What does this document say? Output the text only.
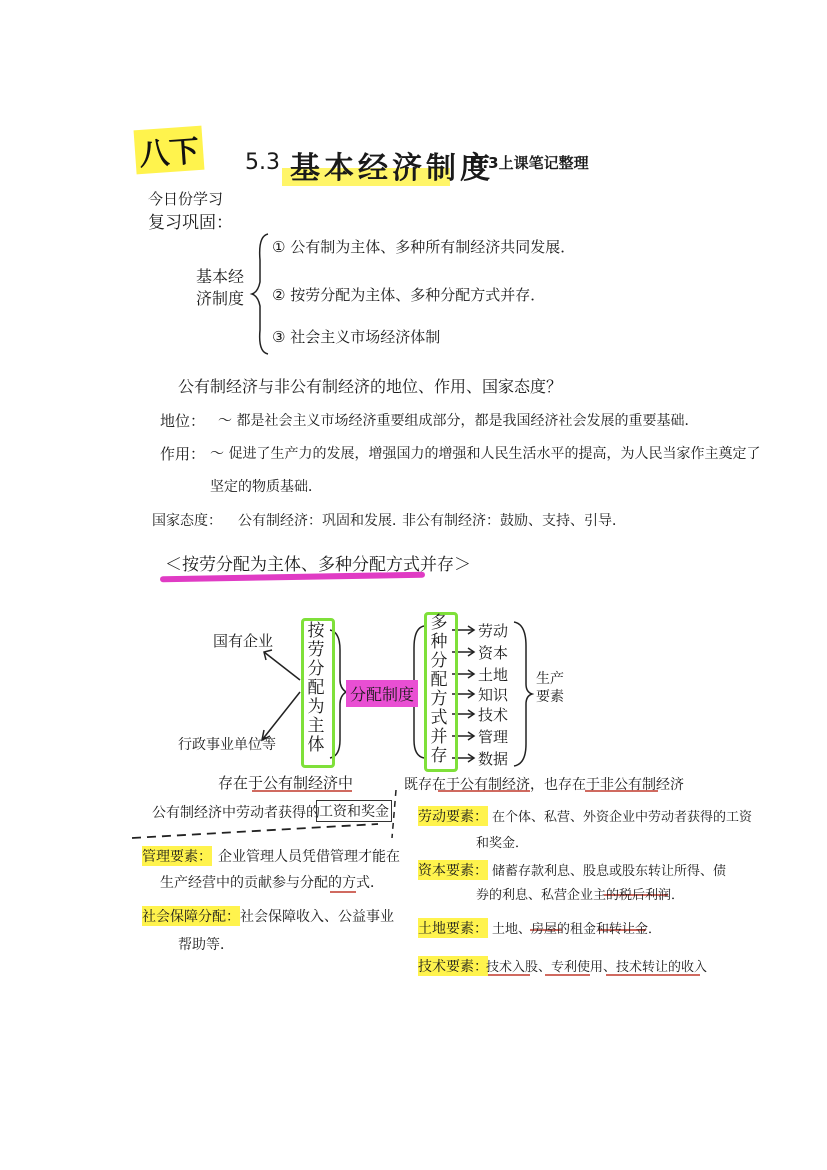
八下 5.3 基本经济制度
5.3上课笔记整理
今日份学习
复习巩固：
基本经济制度
① 公有制为主体、多种所有制经济共同发展．
② 按劳分配为主体、多种分配方式并存．
③ 社会主义市场经济体制
公有制经济与非公有制经济的地位、作用、国家态度？
地位： ～ 都是社会主义市场经济重要组成部分，都是我国经济社会发展的重要基础．
作用： ～ 促进了生产力的发展，增强国力的增强和人民生活水平的提高，为人民当家作主奠定了
坚定的物质基础．
国家态度： 公有制经济：巩固和发展．
非公有制经济：鼓励、支持、引导．
＜按劳分配为主体、多种分配方式并存＞
国有企业
行政事业单位等
按劳分配为主体
分配制度
多种分配方式并存
劳动
资本
土地
知识
技术
管理
数据
生产要素
存在于公有制经济中
公有制经济中劳动者获得的 工资和奖金
管理要素： 企业管理人员凭借管理才能在
生产经营中的贡献参与分配的方式．
社会保障分配： 社会保障收入、公益事业
帮助等．
既存在于公有制经济，也存在于非公有制经济
劳动要素： 在个体、私营、外资企业中劳动者获得的工资
和奖金．
资本要素： 储蓄存款利息、股息或股东转让所得、债
券的利息、私营企业主的税后利润．
土地要素： 土地、房屋的租金和转让金．
技术要素：
技术入股、专利使用、技术转让的收入
